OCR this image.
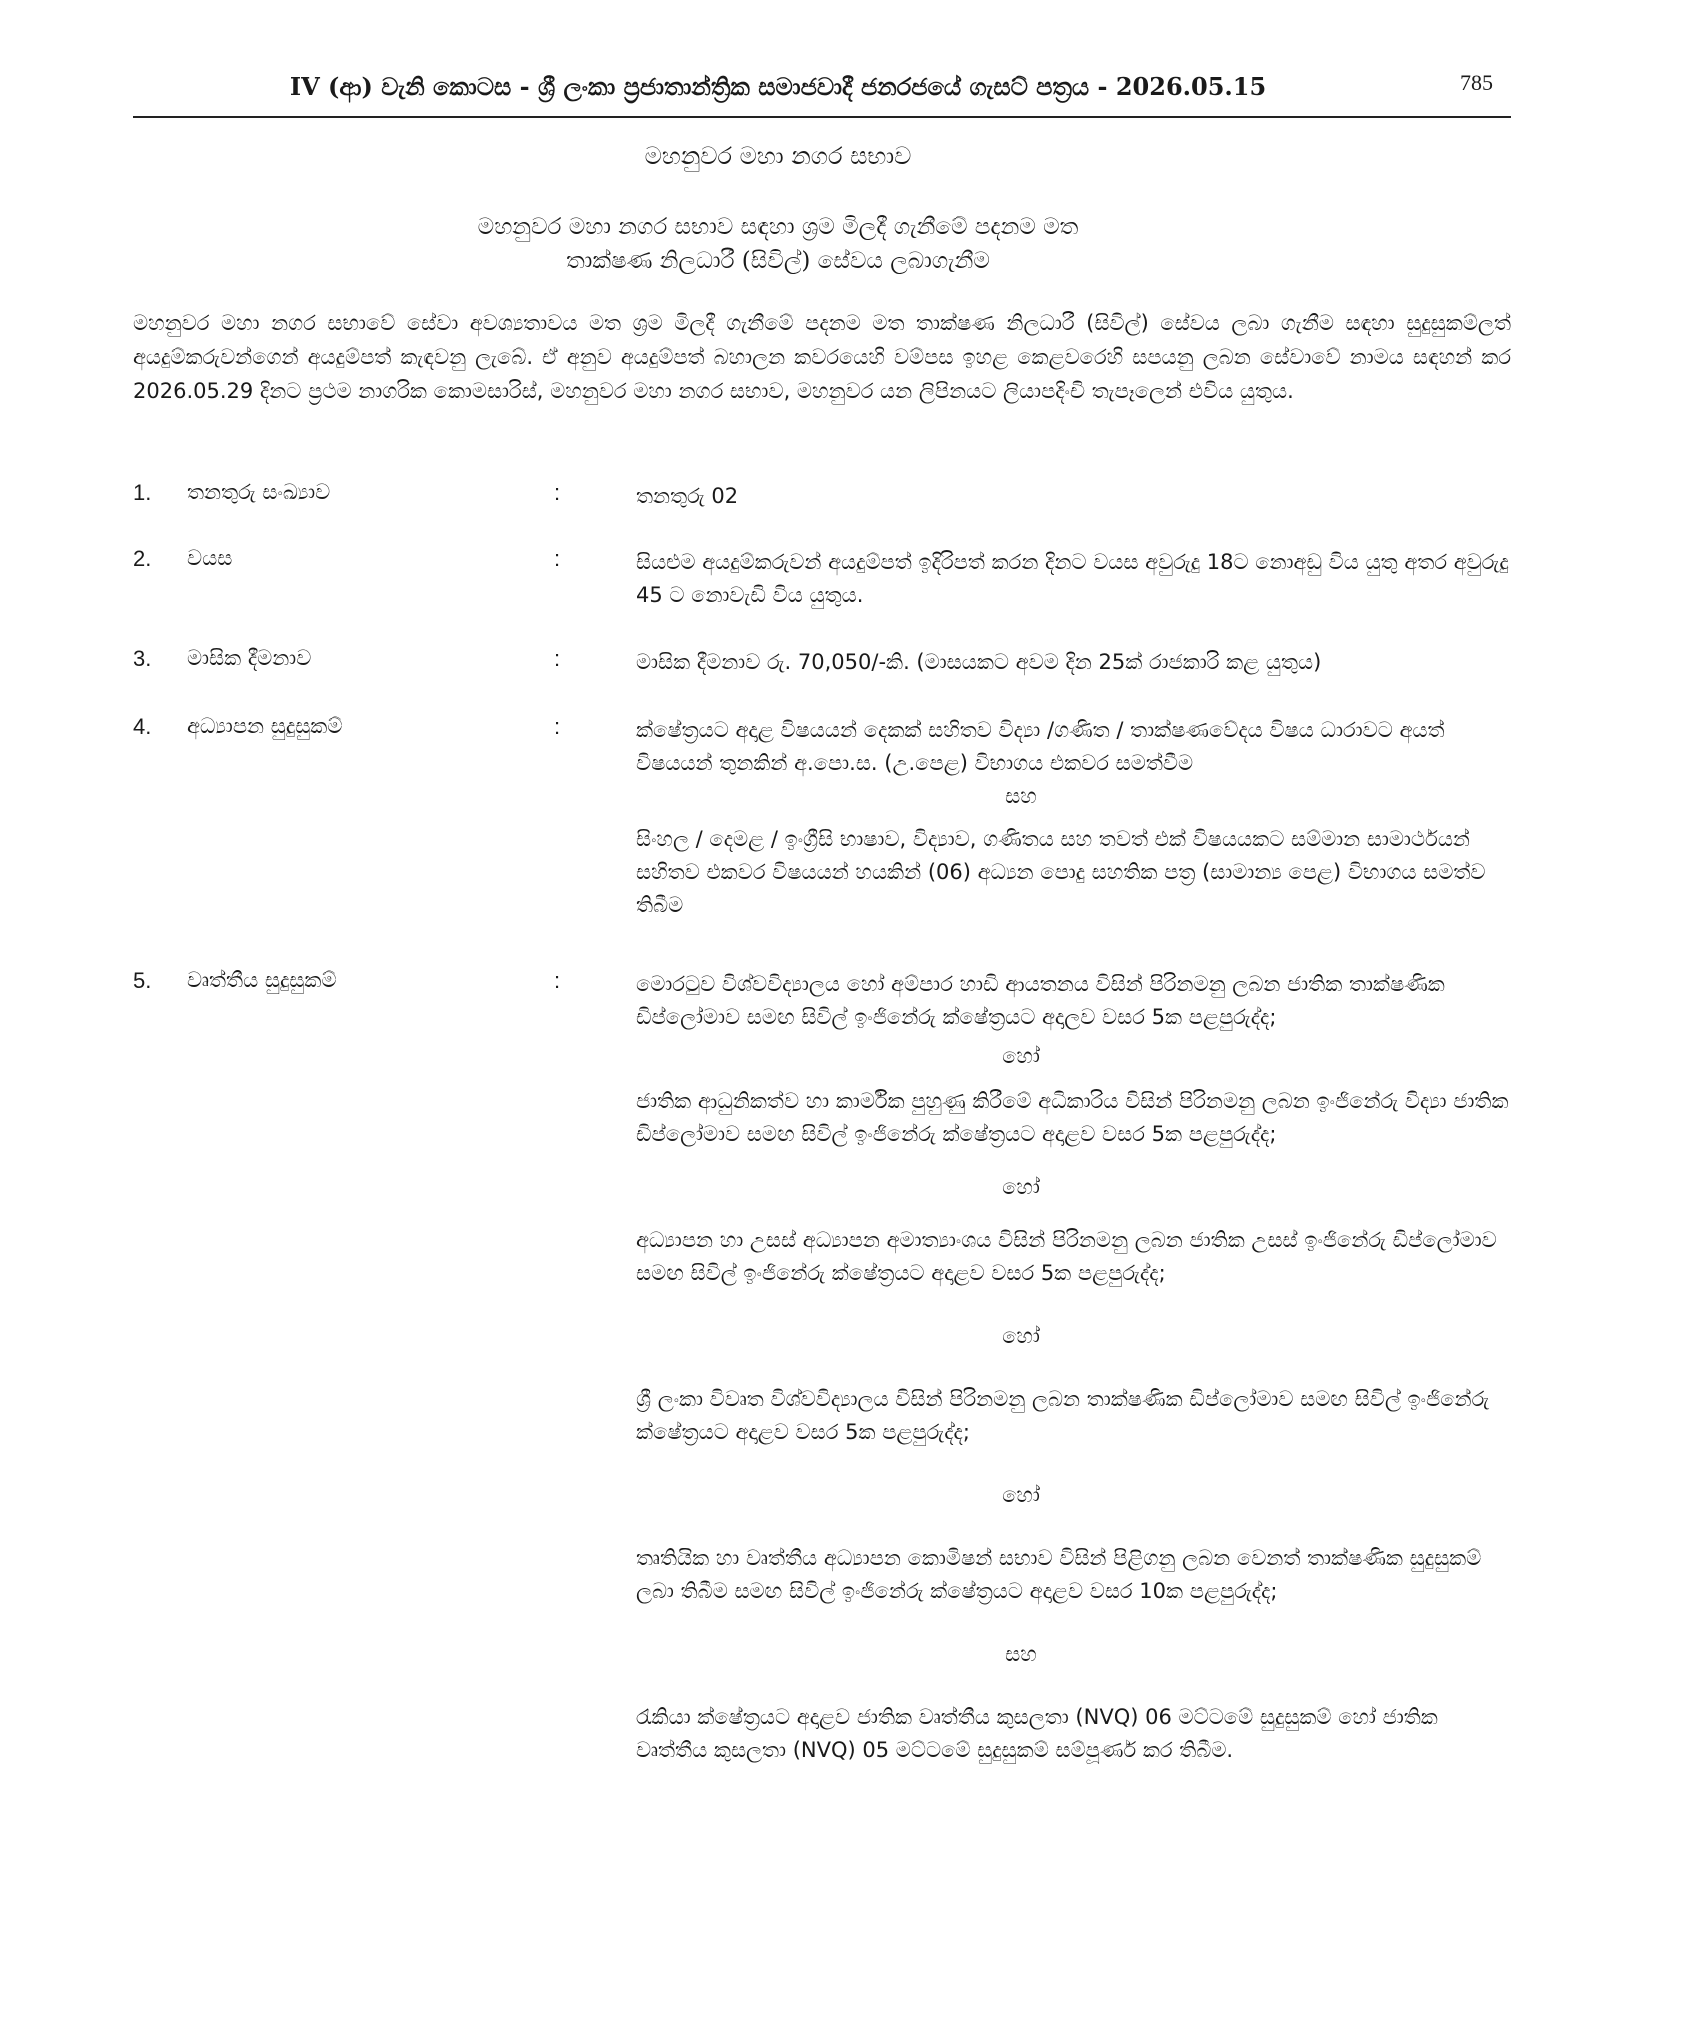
IV (ආ) වැනි කොටස - ශ්‍රී ලංකා ප්‍රජාතාන්ත්‍රික සමාජවාදී ජනරජයේ ගැසට් පත්‍රය - 2026.05.15	785
මහනුවර මහා නගර සභාව
මහනුවර මහා නගර සභාව සඳහා ශ්‍රම මිලදී ගැනීමේ පදනම මත
තාක්ෂණ නිලධාරී (සිවිල්) සේවය ලබාගැනීම
මහනුවර මහා නගර සභාවේ සේවා අවශ්‍යතාවය මත ශ්‍රම මිලදී ගැනීමේ පදනම මත තාක්ෂණ නිලධාරී (සිවිල්) සේවය ලබා ගැනීම සඳහා සුදුසුකම්ලත් අයදුම්කරුවන්ගෙන් අයදුම්පත් කැඳවනු ලැබේ. ඒ අනුව අයදුම්පත් බහාලන කවරයෙහි වම්පස ඉහළ කෙළවරෙහි සපයනු ලබන සේවාවේ නාමය සඳහන් කර 2026.05.29 දිනට ප්‍රථම නාගරික කොමසාරිස්, මහනුවර මහා නගර සභාව, මහනුවර යන ලිපිනයට ලියාපදිංචි තැපෑලෙන් එවිය යුතුය.
1. තනතුරු සංඛ්‍යාව	:	තනතුරු 02

2. වයස	:	සියළුම අයදුම්කරුවන් අයදුම්පත් ඉදිරිපත් කරන දිනට වයස අවුරුදු 18ට නොඅඩු විය යුතු අතර අවුරුදු 45 ට නොවැඩි විය යුතුය.

3. මාසික දීමනාව	:	මාසික දීමනාව රු. 70,050/-කි. (මාසයකට අවම දින 25ක් රාජකාරි කළ යුතුය)

4. අධ්‍යාපන සුදුසුකම්	:	ක්ෂේත්‍රයට අදාළ විෂයයන් දෙකක් සහිතව විද්‍යා /ගණිත / තාක්ෂණවේදය විෂය ධාරාවට අයත් විෂයයන් තුනකින් අ.පො.ස. (උ.පෙළ) විභාගය එකවර සමත්වීම

සහ

සිංහල / දෙමළ / ඉංග්‍රීසි භාෂාව, විද්‍යාව, ගණිතය සහ තවත් එක් විෂයයකට සම්මාන සාමාර්ථයන් සහිතව එකවර විෂයයන් හයකින් (06) අධ්‍යන පොදු සහතික පත්‍ර (සාමාන්‍ය පෙළ) විභාගය සමත්ව තිබීම

5. වෘත්තීය සුදුසුකම්	:	මොරටුව විශ්වවිද්‍යාලය හෝ අම්පාර හාඩි ආයතනය විසින් පිරිනමනු ලබන ජාතික තාක්ෂණික ඩිප්ලෝමාව සමඟ සිවිල් ඉංජිනේරු ක්ෂේත්‍රයට අදාලව වසර 5ක පළපුරුද්ද;

හෝ

ජාතික ආධුනිකත්ව හා කාර්මික පුහුණු කිරීමේ අධිකාරිය විසින් පිරිනමනු ලබන ඉංජිනේරු විද්‍යා ජාතික ඩිප්ලෝමාව සමඟ සිවිල් ඉංජිනේරු ක්ෂේත්‍රයට අදාළව වසර 5ක පළපුරුද්ද;

හෝ

අධ්‍යාපන හා උසස් අධ්‍යාපන අමාත්‍යාංශය විසින් පිරිනමනු ලබන ජාතික උසස් ඉංජිනේරු ඩිප්ලෝමාව සමඟ සිවිල් ඉංජිනේරු ක්ෂේත්‍රයට අදාළව වසර 5ක පළපුරුද්ද;

හෝ

ශ්‍රී ලංකා විවෘත විශ්වවිද්‍යාලය විසින් පිරිනමනු ලබන තාක්ෂණික ඩිප්ලෝමාව සමඟ සිවිල් ඉංජිනේරු ක්ෂේත්‍රයට අදාළව වසර 5ක පළපුරුද්ද;

හෝ

තෘතියික හා වෘත්තීය අධ්‍යාපන කොමිෂන් සභාව විසින් පිළිගනු ලබන වෙනත් තාක්ෂණික සුදුසුකම් ලබා තිබීම සමඟ සිවිල් ඉංජිනේරු ක්ෂේත්‍රයට අදාළව වසර 10ක පළපුරුද්ද;

සහ

රැකියා ක්ෂේත්‍රයට අදාළව ජාතික වෘත්තීය කුසලතා (NVQ) 06 මට්ටමේ සුදුසුකම් හෝ ජාතික වෘත්තීය කුසලතා (NVQ) 05 මට්ටමේ සුදුසුකම් සම්පූර්ණ කර තිබීම.
